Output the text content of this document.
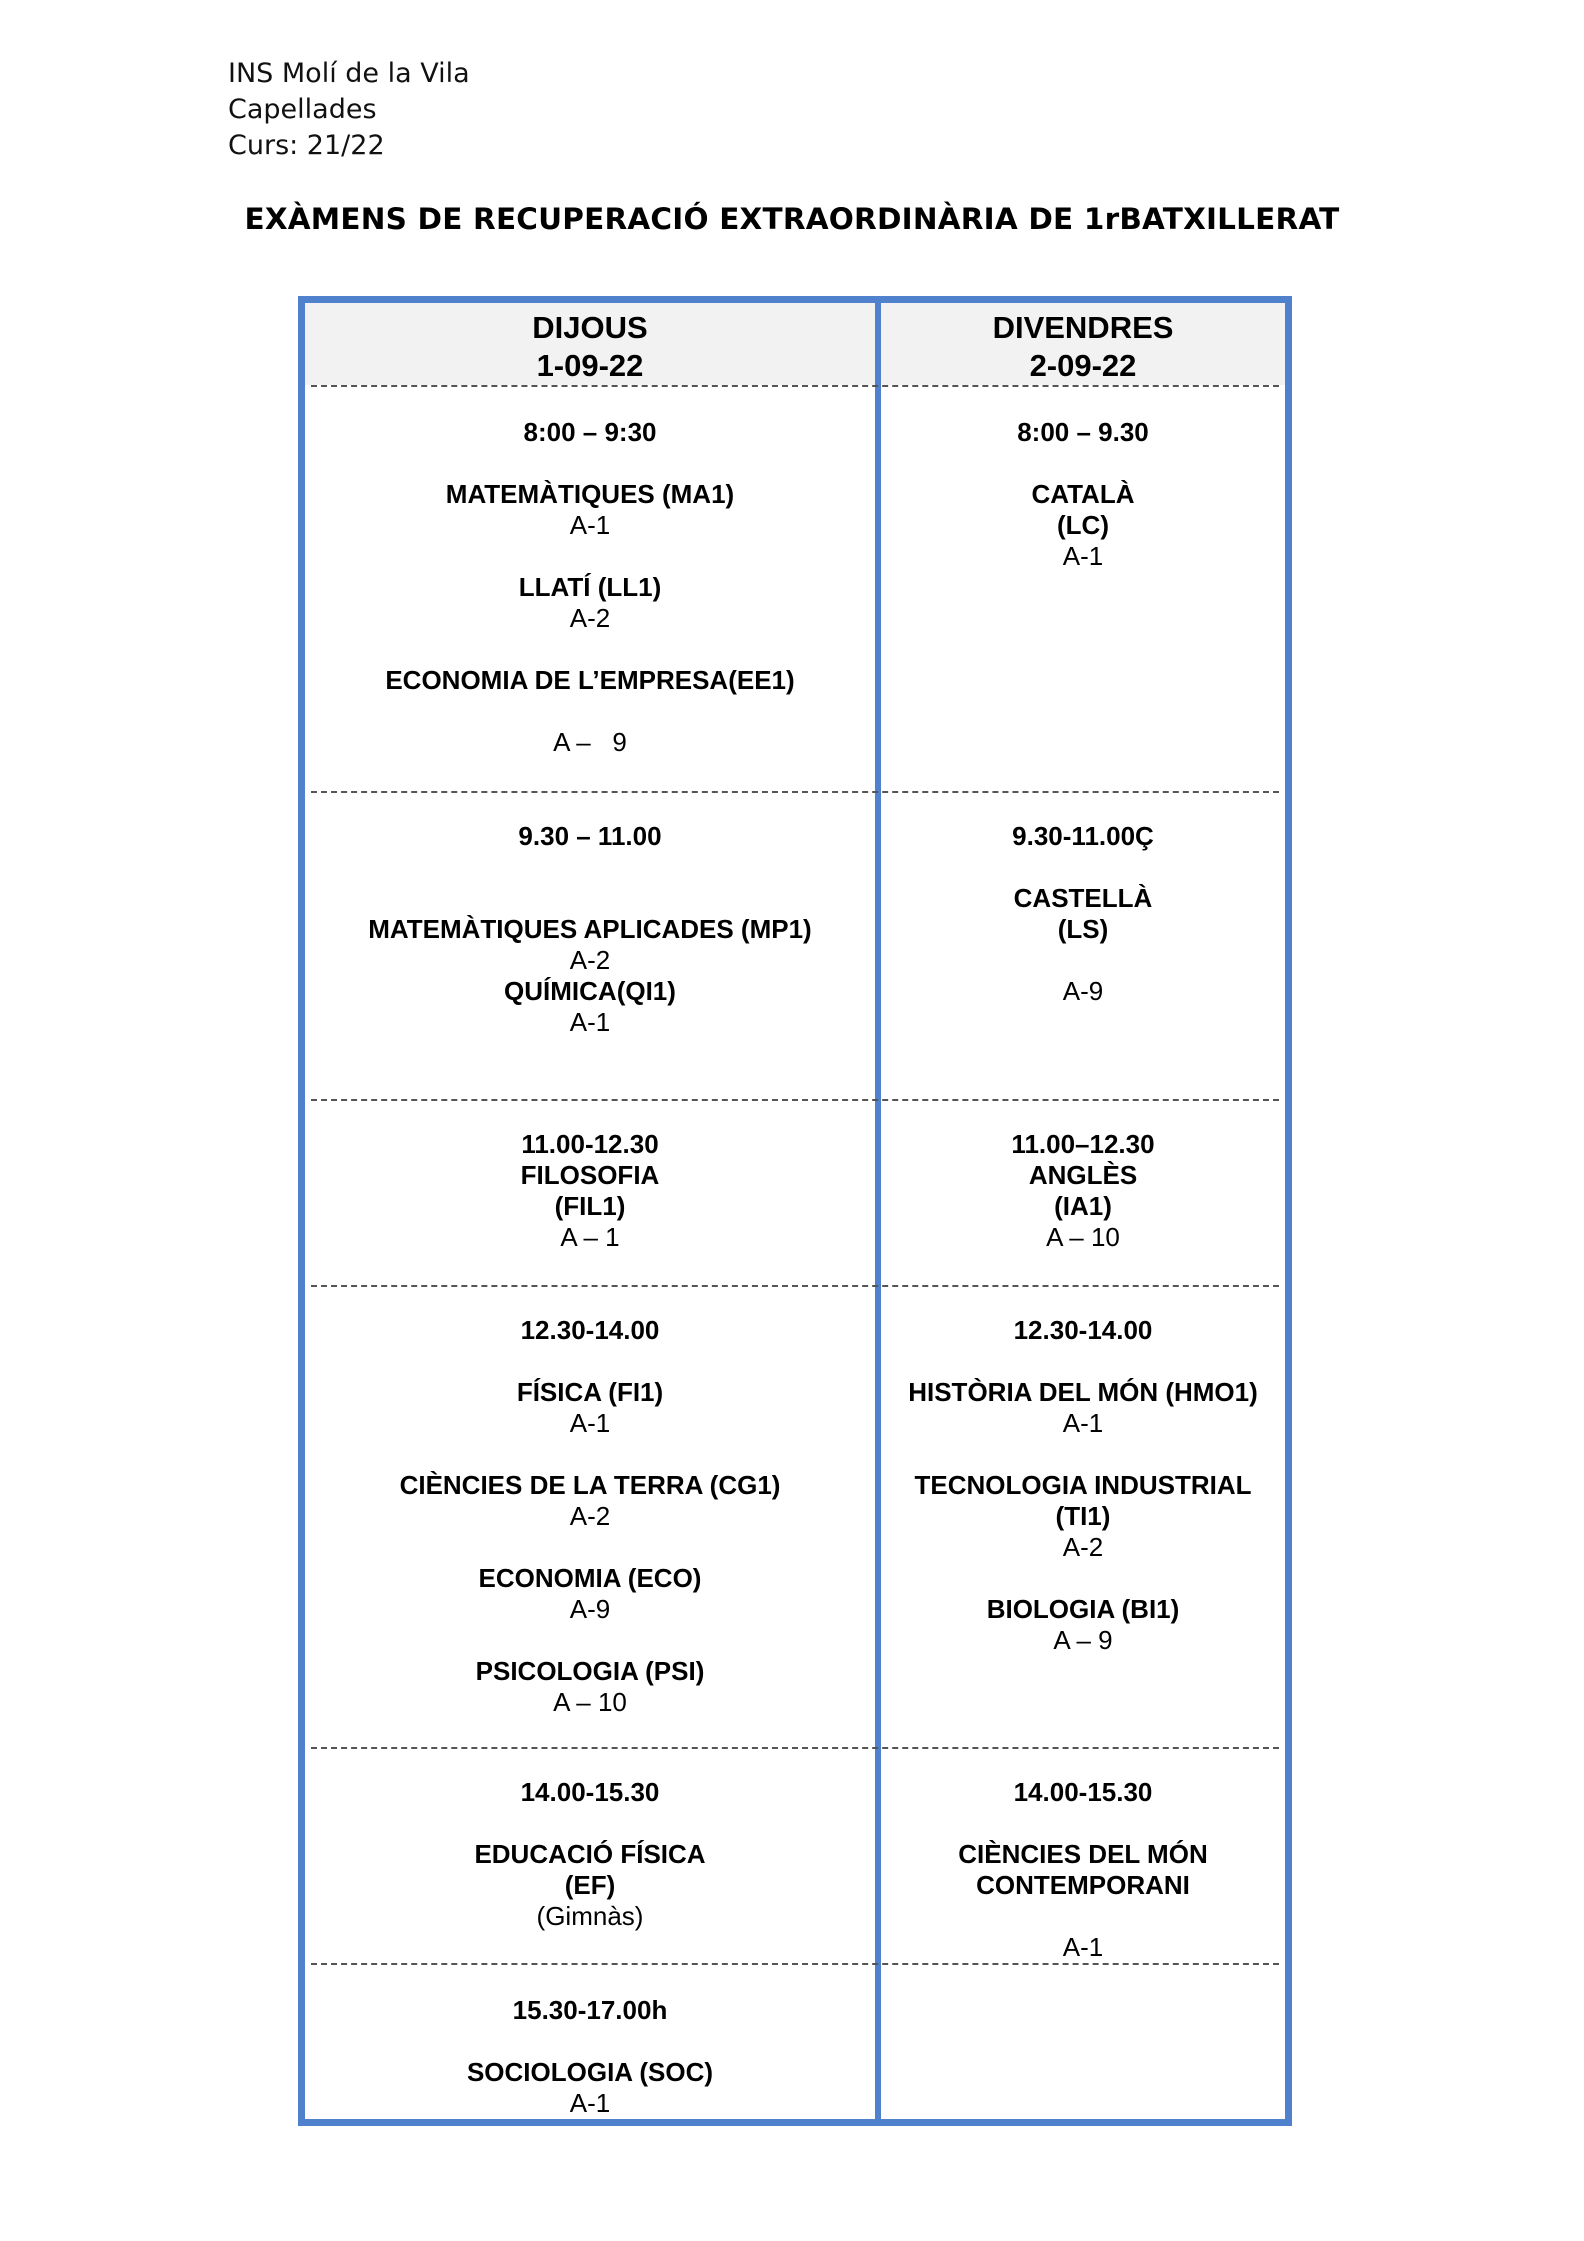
INS Molí de la Vila
Capellades
Curs: 21/22
EXÀMENS DE RECUPERACIÓ EXTRAORDINÀRIA DE 1rBATXILLERAT
DIJOUS
1-09-22
8:00 – 9:30
MATEMÀTIQUES (MA1)
A-1
LLATÍ (LL1)
A-2
ECONOMIA DE L’EMPRESA(EE1)
A –   9
9.30 – 11.00
MATEMÀTIQUES APLICADES (MP1)
A-2
QUÍMICA(QI1)
A-1
11.00-12.30
FILOSOFIA
(FIL1)
A – 1
12.30-14.00
FÍSICA (FI1)
A-1
CIÈNCIES DE LA TERRA (CG1)
A-2
ECONOMIA (ECO)
A-9
PSICOLOGIA (PSI)
A – 10
14.00-15.30
EDUCACIÓ FÍSICA
(EF)
(Gimnàs)
15.30-17.00h
SOCIOLOGIA (SOC)
A-1
DIVENDRES
2-09-22
8:00 – 9.30
CATALÀ
(LC)
A-1
9.30-11.00Ç
CASTELLÀ
(LS)
A-9
11.00–12.30
ANGLÈS
(IA1)
A – 10
12.30-14.00
HISTÒRIA DEL MÓN (HMO1)
A-1
TECNOLOGIA INDUSTRIAL
(TI1)
A-2
BIOLOGIA (BI1)
A – 9
14.00-15.30
CIÈNCIES DEL MÓN
CONTEMPORANI
A-1
